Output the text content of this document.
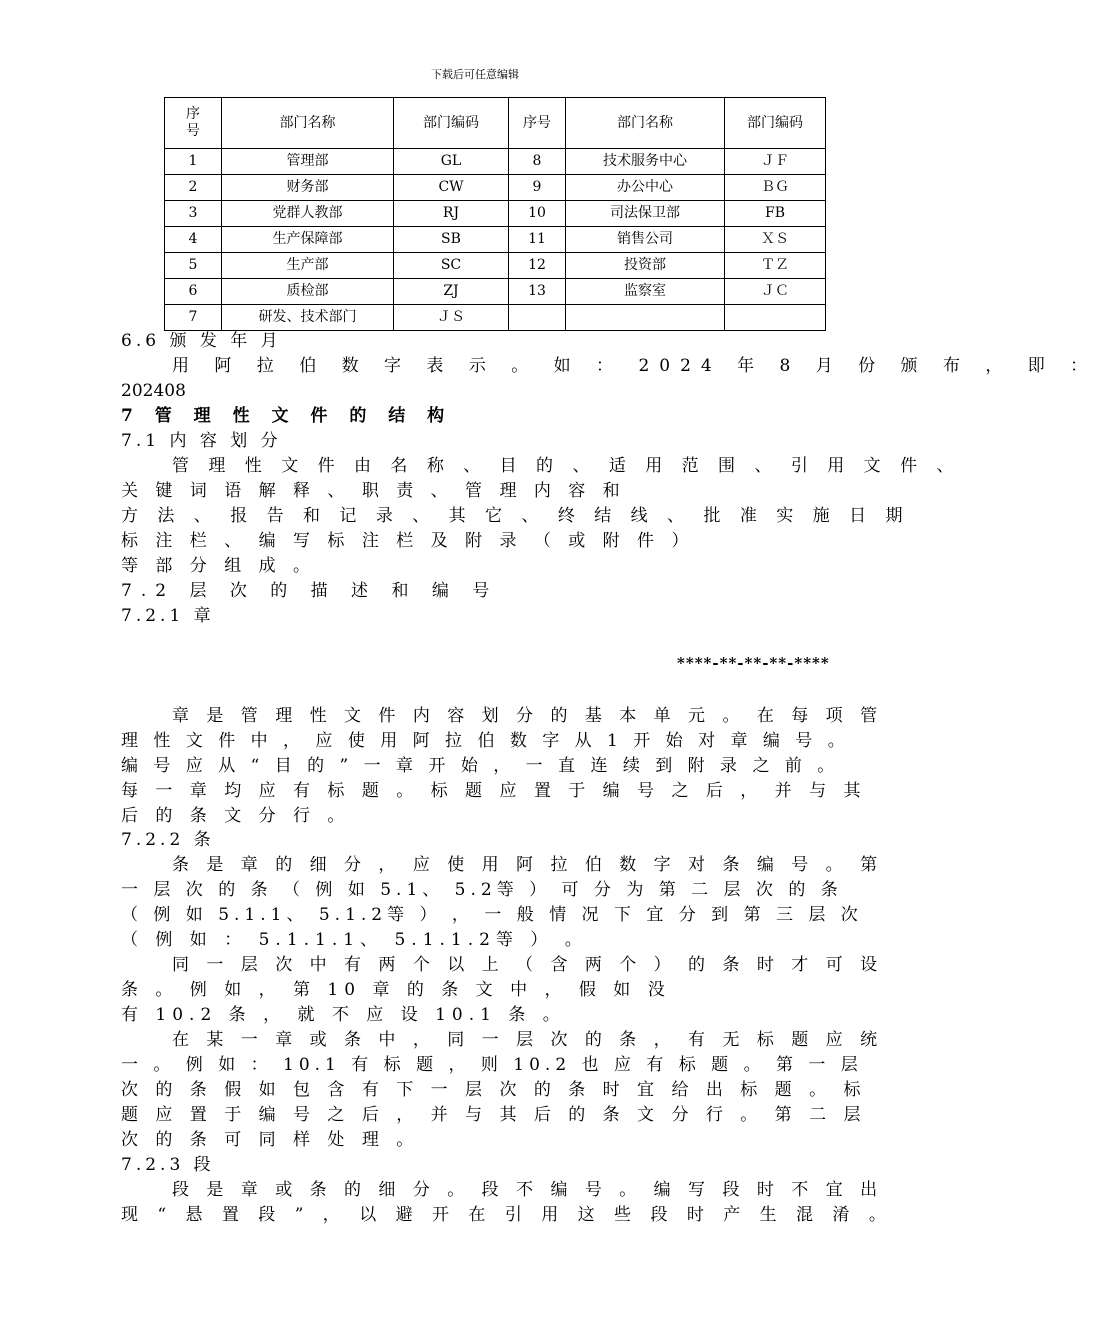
下载后可任意编辑
序号	部门名称	部门编码	序号	部门名称	部门编码
1	管理部	GL	8	技术服务中心	ＪＦ
2	财务部	CW	9	办公中心	ＢＧ
3	党群人教部	RJ	10	司法保卫部	FB
4	生产保障部	SB	11	销售公司	ＸＳ
5	生产部	SC	12	投资部	ＴＺ
6	质检部	ZJ	13	监察室	ＪＣ
7	研发、技术部门	ＪＳ			
6.6 颁 发 年 月
用 阿 拉 伯 数 字 表 示 。 如 ： 2024 年 8 月 份 颁 布 ， 即 ：
202408
7 管 理 性 文 件 的 结 构
7.1 内 容 划 分
管 理 性 文 件 由 名 称 、 目 的 、 适 用 范 围 、 引 用 文 件 、
关 键 词 语 解 释 、 职 责 、 管 理 内 容 和
方 法 、 报 告 和 记 录 、 其 它 、 终 结 线 、 批 准 实 施 日 期
标 注 栏 、 编 写 标 注 栏 及 附 录 （ 或 附 件 ）
等 部 分 组 成 。
7.2 层 次 的 描 述 和 编 号
7.2.1 章
****-**-**-**-****
章 是 管 理 性 文 件 内 容 划 分 的 基 本 单 元 。 在 每 项 管
理 性 文 件 中 ， 应 使 用 阿 拉 伯 数 字 从 1 开 始 对 章 编 号 。
编 号 应 从 “ 目 的 ” 一 章 开 始 ， 一 直 连 续 到 附 录 之 前 。
每 一 章 均 应 有 标 题 。 标 题 应 置 于 编 号 之 后 ， 并 与 其
后 的 条 文 分 行 。
7.2.2 条
条 是 章 的 细 分 ， 应 使 用 阿 拉 伯 数 字 对 条 编 号 。 第
一 层 次 的 条 （ 例 如 5.1、 5.2等 ） 可 分 为 第 二 层 次 的 条
（ 例 如 5.1.1、 5.1.2等 ） ， 一 般 情 况 下 宜 分 到 第 三 层 次
（ 例 如 ： 5.1.1.1、 5.1.1.2等 ） 。
同 一 层 次 中 有 两 个 以 上 （ 含 两 个 ） 的 条 时 才 可 设
条 。 例 如 ， 第 10 章 的 条 文 中 ， 假 如 没
有 10.2 条 ， 就 不 应 设 10.1 条 。
在 某 一 章 或 条 中 ， 同 一 层 次 的 条 ， 有 无 标 题 应 统
一 。 例 如 ： 10.1 有 标 题 ， 则 10.2 也 应 有 标 题 。 第 一 层
次 的 条 假 如 包 含 有 下 一 层 次 的 条 时 宜 给 出 标 题 。 标
题 应 置 于 编 号 之 后 ， 并 与 其 后 的 条 文 分 行 。 第 二 层
次 的 条 可 同 样 处 理 。
7.2.3 段
段 是 章 或 条 的 细 分 。 段 不 编 号 。 编 写 段 时 不 宜 出
现 “ 悬 置 段 ” ， 以 避 开 在 引 用 这 些 段 时 产 生 混 淆 。
